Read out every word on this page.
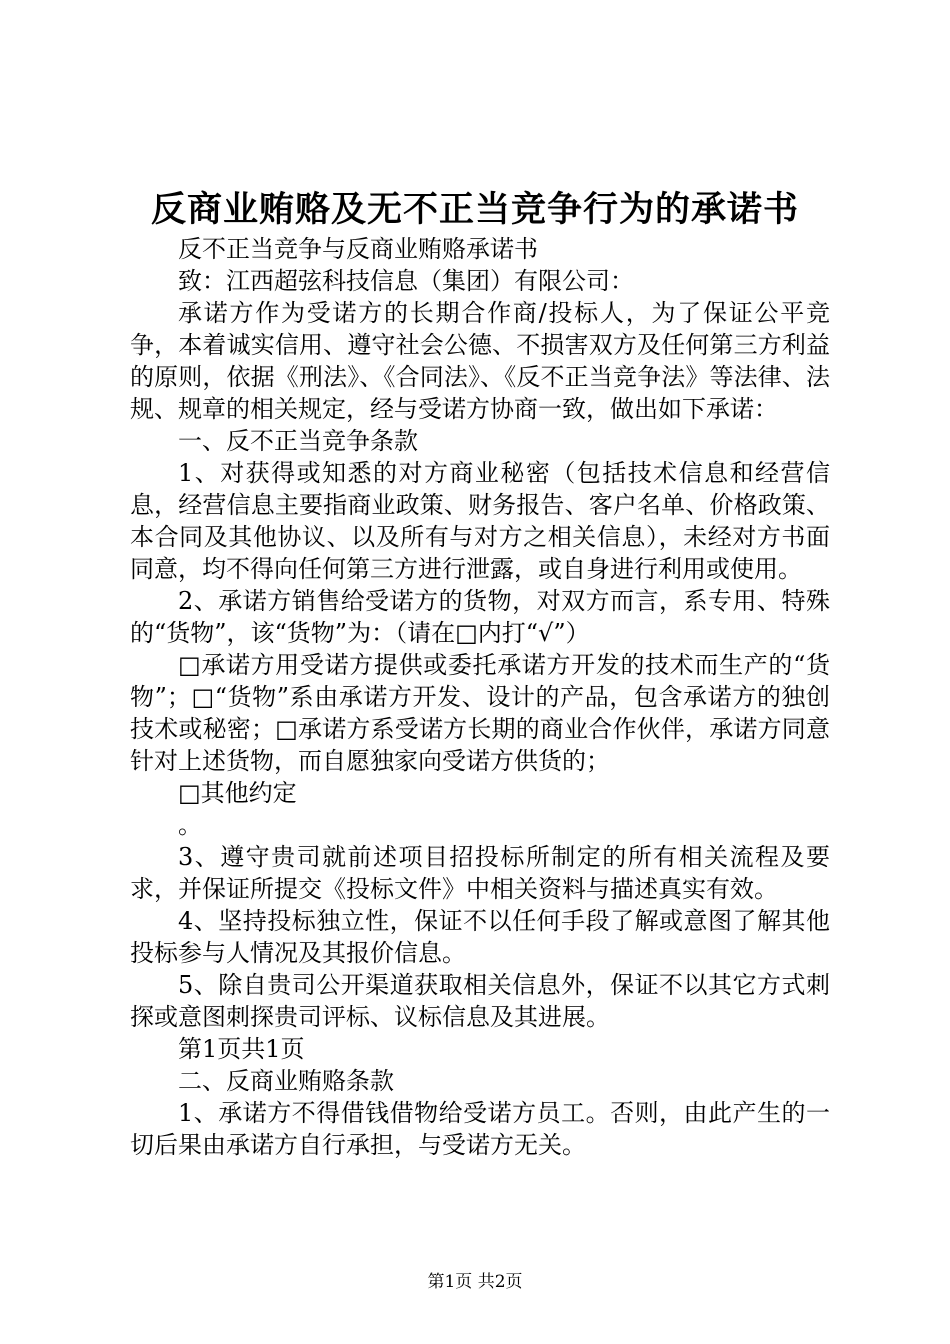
反商业贿赂及无不正当竞争行为的承诺书

反不正当竞争与反商业贿赂承诺书

致：江西超弦科技信息（集团）有限公司：

承诺方作为受诺方的长期合作商/投标人，为了保证公平竞争，本着诚实信用、遵守社会公德、不损害双方及任何第三方利益的原则，依据《刑法》、《合同法》、《反不正当竞争法》等法律、法规、规章的相关规定，经与受诺方协商一致，做出如下承诺：

一、反不正当竞争条款

1、对获得或知悉的对方商业秘密（包括技术信息和经营信息，经营信息主要指商业政策、财务报告、客户名单、价格政策、本合同及其他协议、以及所有与对方之相关信息），未经对方书面同意，均不得向任何第三方进行泄露，或自身进行利用或使用。

2、承诺方销售给受诺方的货物，对双方而言，系专用、特殊的“货物”，该“货物”为：（请在□内打“√”）

□承诺方用受诺方提供或委托承诺方开发的技术而生产的“货物”；□“货物”系由承诺方开发、设计的产品，包含承诺方的独创技术或秘密；□承诺方系受诺方长期的商业合作伙伴，承诺方同意针对上述货物，而自愿独家向受诺方供货的；

□其他约定

。

3、遵守贵司就前述项目招投标所制定的所有相关流程及要求，并保证所提交《投标文件》中相关资料与描述真实有效。

4、坚持投标独立性，保证不以任何手段了解或意图了解其他投标参与人情况及其报价信息。

5、除自贵司公开渠道获取相关信息外，保证不以其它方式刺探或意图刺探贵司评标、议标信息及其进展。

第1页共1页

二、反商业贿赂条款

1、承诺方不得借钱借物给受诺方员工。否则，由此产生的一切后果由承诺方自行承担，与受诺方无关。

第1页 共2页
